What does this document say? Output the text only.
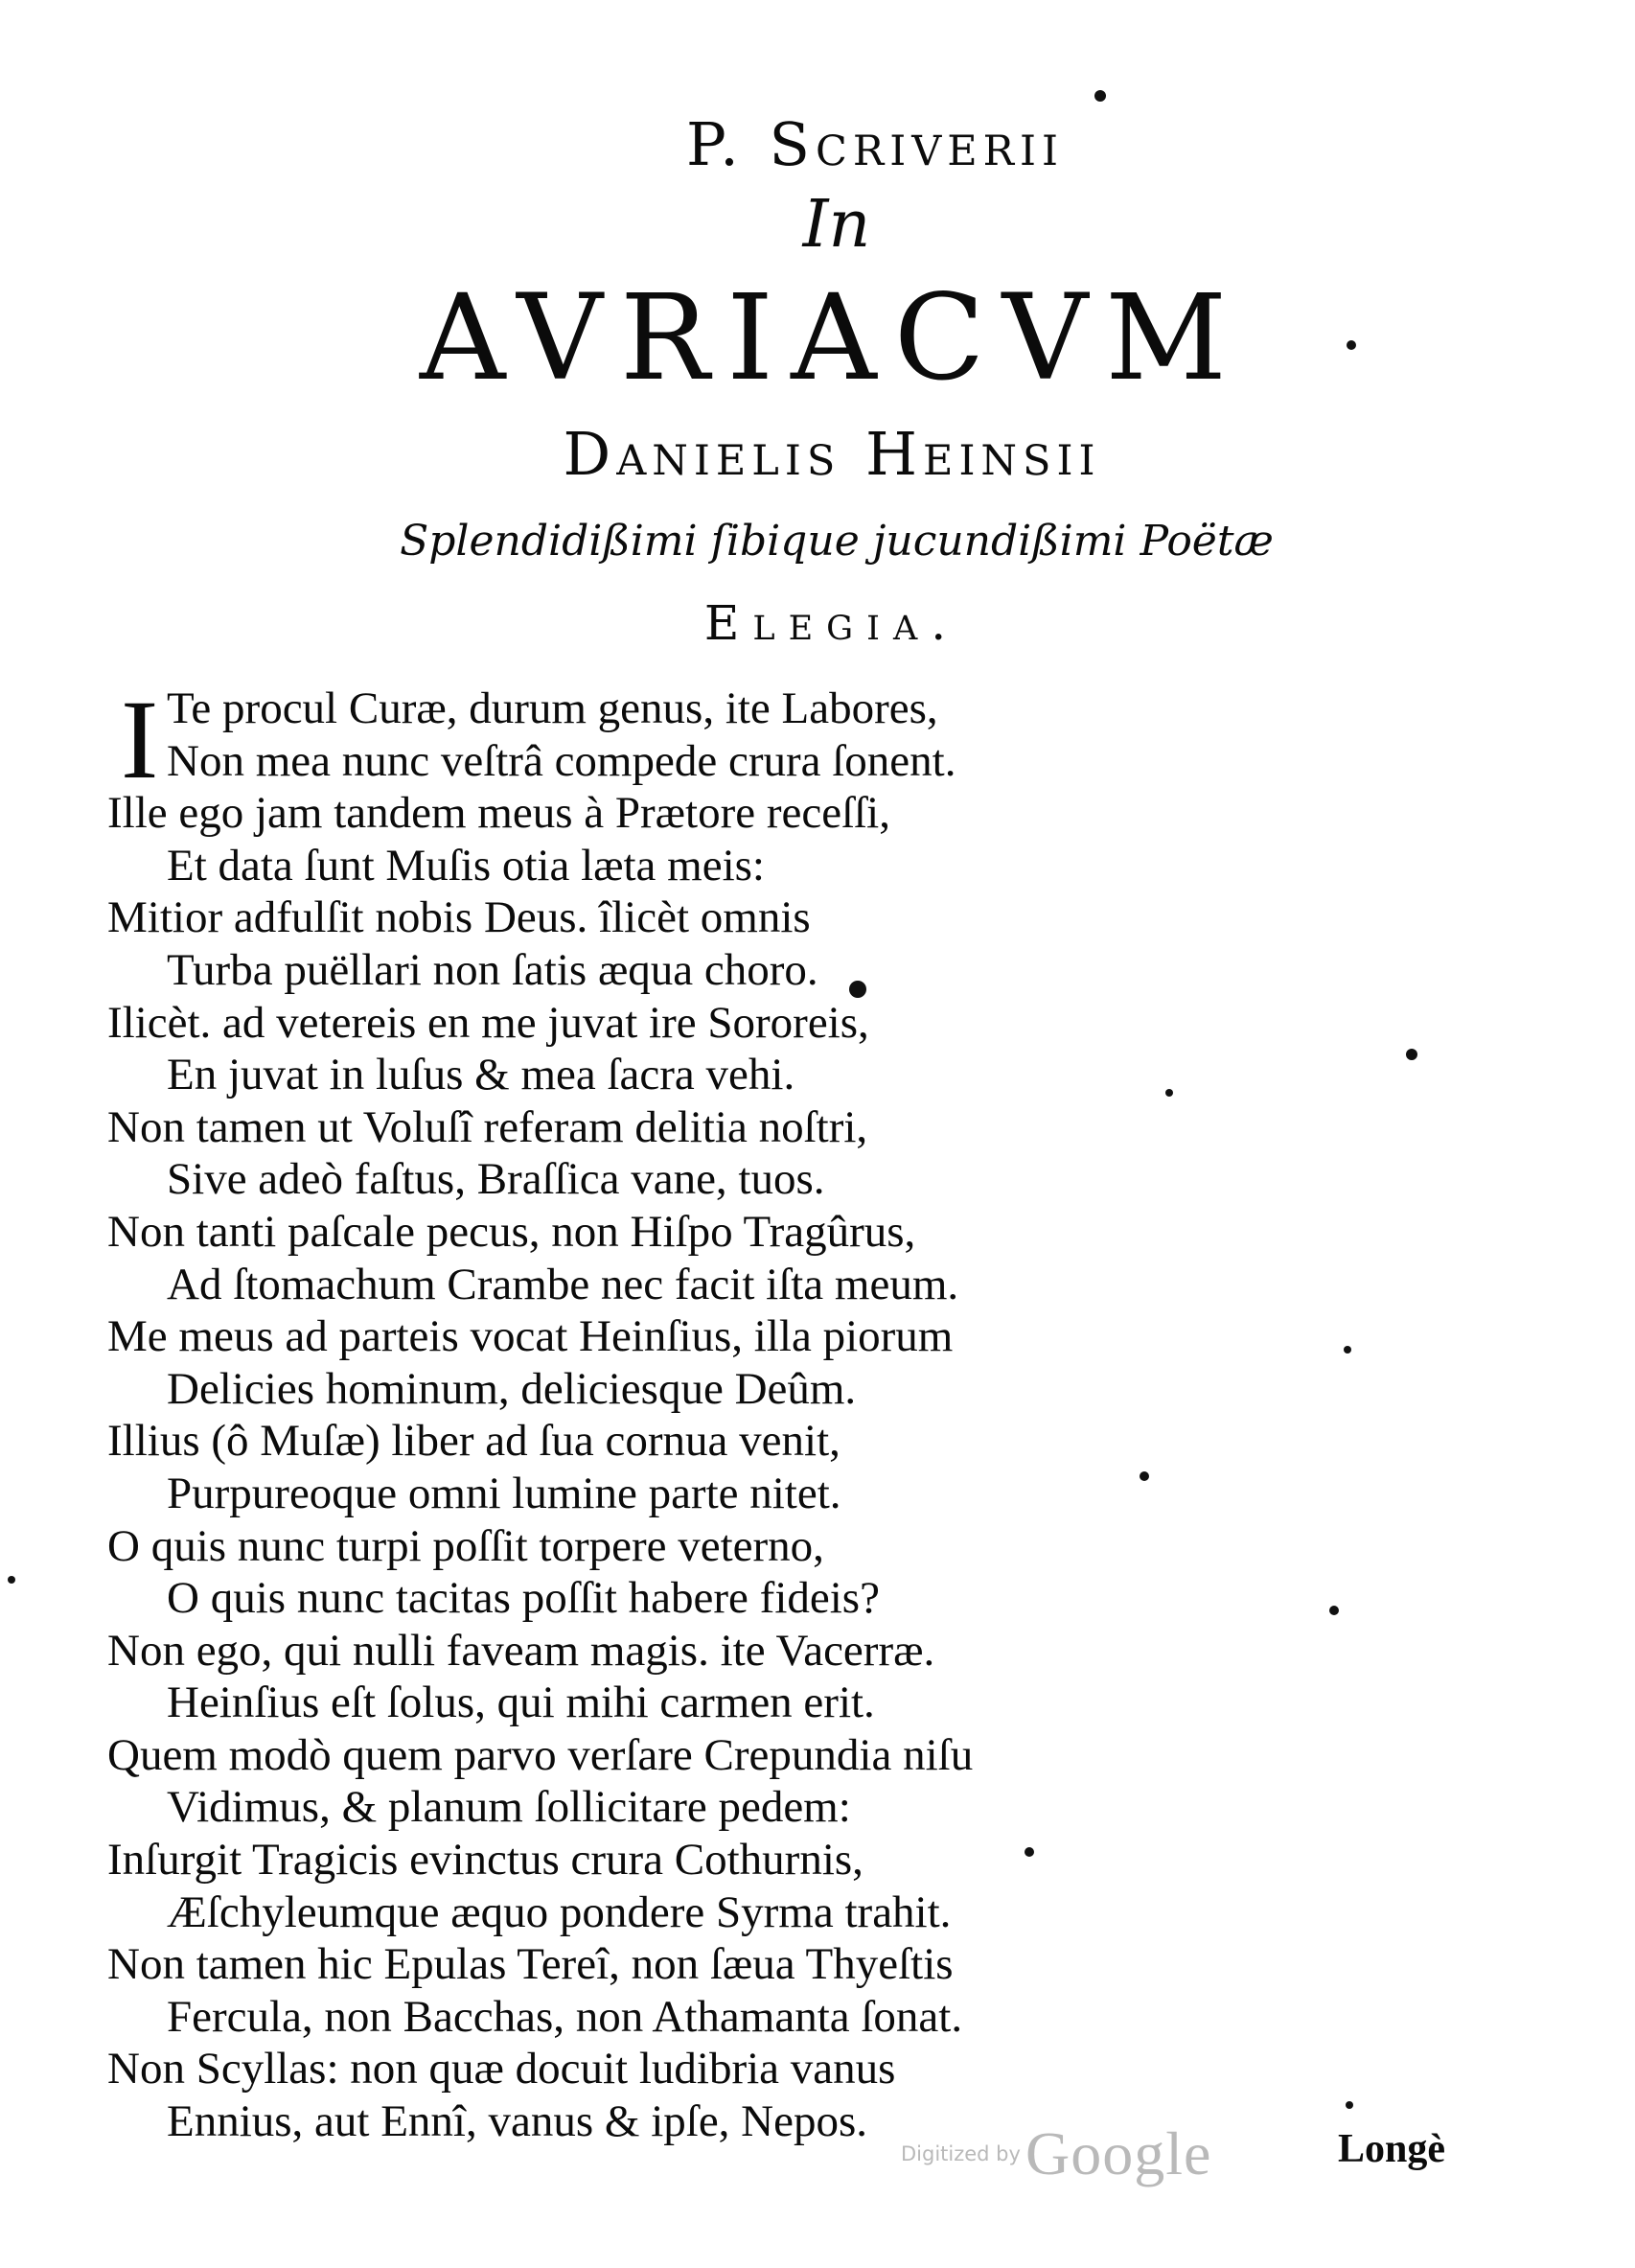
P. Scriverii
In
AVRIACVM
Danielis Heinsii
Splendidißimi ſibique jucundißimi Poëtæ
Elegia.
I Te procul Curæ, durum genus, ite Labores,
Non mea nunc veſtrâ compede crura ſonent.
Ille ego jam tandem meus à Prætore receſſi,
Et data ſunt Muſis otia læta meis:
Mitior adfulſit nobis Deus. îlicèt omnis
Turba puëllari non ſatis æqua choro.
Ilicèt. ad vetereis en me juvat ire Sororeis,
En juvat in luſus & mea ſacra vehi.
Non tamen ut Voluſî referam delitia noſtri,
Sive adeò faſtus, Braſſica vane, tuos.
Non tanti paſcale pecus, non Hiſpo Tragûrus,
Ad ſtomachum Crambe nec facit iſta meum.
Me meus ad parteis vocat Heinſius, illa piorum
Delicies hominum, deliciesque Deûm.
Illius (ô Muſæ) liber ad ſua cornua venit,
Purpureoque omni lumine parte nitet.
O quis nunc turpi poſſit torpere veterno,
O quis nunc tacitas poſſit habere fideis?
Non ego, qui nulli faveam magis. ite Vacerræ.
Heinſius eſt ſolus, qui mihi carmen erit.
Quem modò quem parvo verſare Crepundia niſu
Vidimus, & planum ſollicitare pedem:
Inſurgit Tragicis evinctus crura Cothurnis,
Æſchyleumque æquo pondere Syrma trahit.
Non tamen hic Epulas Tereî, non ſæua Thyeſtis
Fercula, non Bacchas, non Athamanta ſonat.
Non Scyllas: non quæ docuit ludibria vanus
Ennius, aut Ennî, vanus & ipſe, Nepos.
Digitized by Google	Longè
